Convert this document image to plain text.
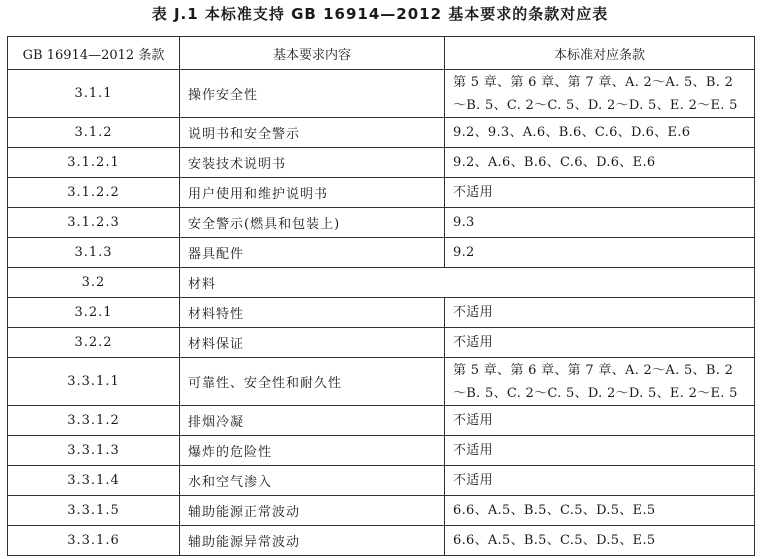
表 J.1 本标准支持 GB 16914—2012 基本要求的条款对应表
GB 16914—2012 条款	基本要求内容	本标准对应条款
3.1.1	操作安全性	第 5 章、第 6 章、第 7 章、A. 2～A. 5、B. 2～B. 5、C. 2～C. 5、D. 2～D. 5、E. 2～E. 5
3.1.2	说明书和安全警示	9.2、9.3、A.6、B.6、C.6、D.6、E.6
3.1.2.1	安装技术说明书	9.2、A.6、B.6、C.6、D.6、E.6
3.1.2.2	用户使用和维护说明书	不适用
3.1.2.3	安全警示(燃具和包装上)	9.3
3.1.3	器具配件	9.2
3.2	材料	
3.2.1	材料特性	不适用
3.2.2	材料保证	不适用
3.3.1.1	可靠性、安全性和耐久性	第 5 章、第 6 章、第 7 章、A. 2～A. 5、B. 2～B. 5、C. 2～C. 5、D. 2～D. 5、E. 2～E. 5
3.3.1.2	排烟冷凝	不适用
3.3.1.3	爆炸的危险性	不适用
3.3.1.4	水和空气渗入	不适用
3.3.1.5	辅助能源正常波动	6.6、A.5、B.5、C.5、D.5、E.5
3.3.1.6	辅助能源异常波动	6.6、A.5、B.5、C.5、D.5、E.5
